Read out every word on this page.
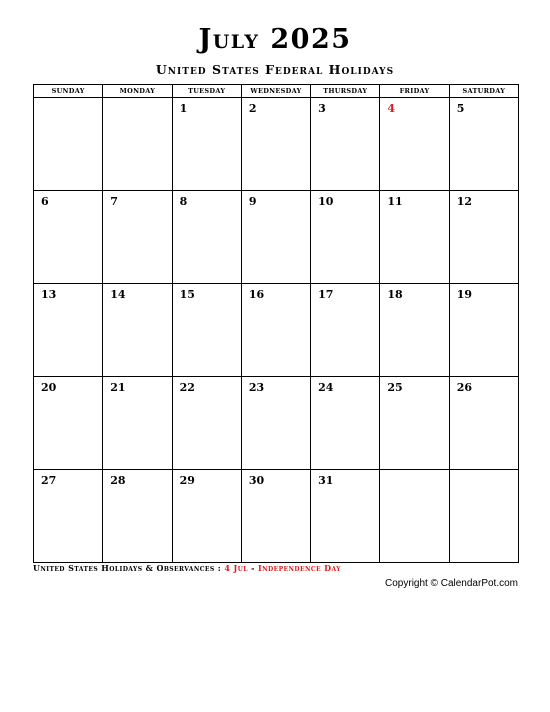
July 2025
United States Federal Holidays
SUNDAY	MONDAY	TUESDAY	WEDNESDAY	THURSDAY	FRIDAY	SATURDAY

		1	2	3	4	5

6	7	8	9	10	11	12

13	14	15	16	17	18	19

20	21	22	23	24	25	26

27	28	29	30	31		

United States Holidays & Observances : 4 Jul - Independence Day
Copyright © CalendarPot.com
